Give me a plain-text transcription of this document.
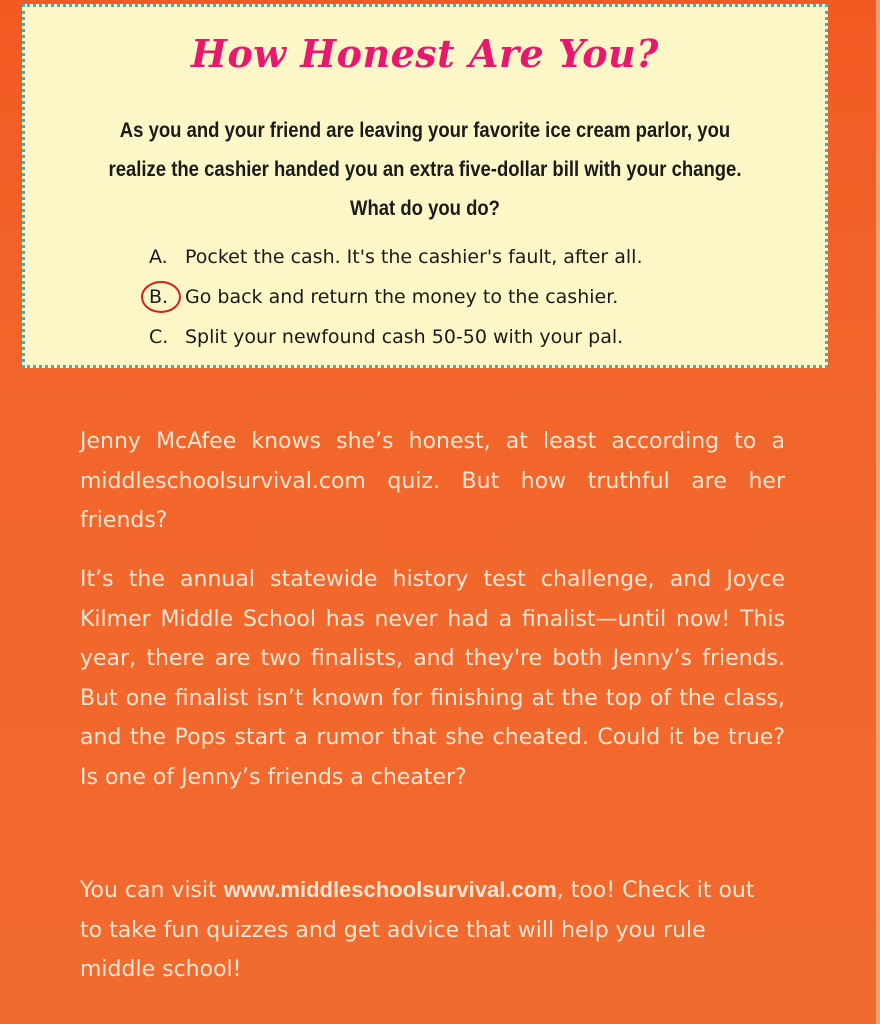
How Honest Are You?
As you and your friend are leaving your favorite ice cream parlor, you realize the cashier handed you an extra five-dollar bill with your change. What do you do?
A. Pocket the cash. It's the cashier's fault, after all.
B. Go back and return the money to the cashier.
C. Split your newfound cash 50-50 with your pal.
Jenny McAfee knows she’s honest, at least according to a middleschoolsurvival.com quiz. But how truthful are her friends?
It’s the annual statewide history test challenge, and Joyce Kilmer Middle School has never had a finalist—until now! This year, there are two finalists, and they're both Jenny’s friends. But one finalist isn’t known for finishing at the top of the class, and the Pops start a rumor that she cheated. Could it be true? Is one of Jenny’s friends a cheater?
You can visit www.middleschoolsurvival.com, too! Check it out to take fun quizzes and get advice that will help you rule middle school!
